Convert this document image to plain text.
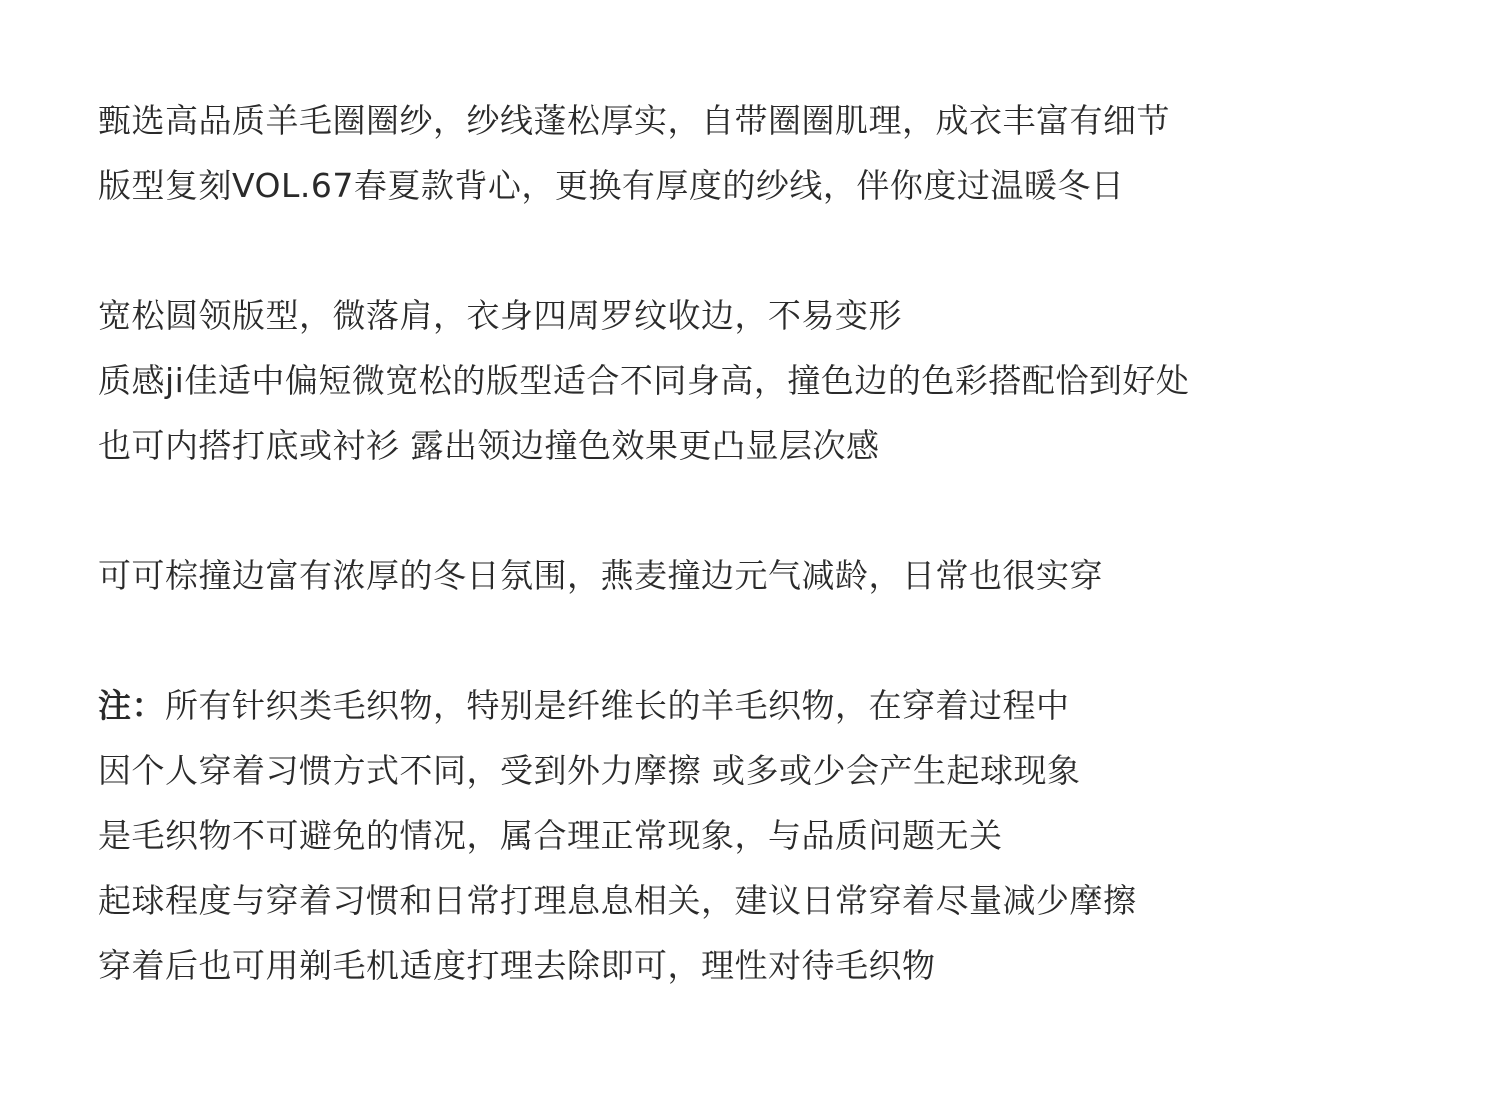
甄选高品质羊毛圈圈纱，纱线蓬松厚实，自带圈圈肌理，成衣丰富有细节
版型复刻VOL.67春夏款背心，更换有厚度的纱线，伴你度过温暖冬日
宽松圆领版型，微落肩，衣身四周罗纹收边，不易变形
质感ji佳适中偏短微宽松的版型适合不同身高，撞色边的色彩搭配恰到好处
也可内搭打底或衬衫 露出领边撞色效果更凸显层次感
可可棕撞边富有浓厚的冬日氛围，燕麦撞边元气减龄，日常也很实穿
注：所有针织类毛织物，特别是纤维长的羊毛织物，在穿着过程中
因个人穿着习惯方式不同，受到外力摩擦 或多或少会产生起球现象
是毛织物不可避免的情况，属合理正常现象，与品质问题无关
起球程度与穿着习惯和日常打理息息相关，建议日常穿着尽量减少摩擦
穿着后也可用剃毛机适度打理去除即可，理性对待毛织物
